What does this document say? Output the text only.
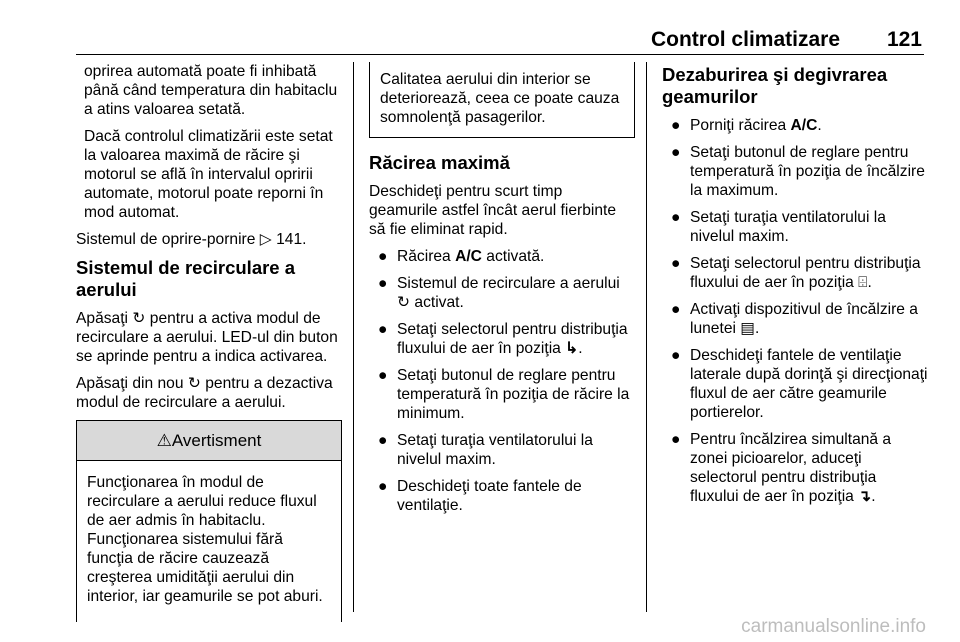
Control climatizare 121

oprirea automată poate fi inhibată până când temperatura din habitaclu a atins valoarea setată.

Dacă controlul climatizării este setat la valoarea maximă de răcire şi motorul se află în intervalul opririi automate, motorul poate reporni în mod automat.

Sistemul de oprire-pornire ▷ 141.

Sistemul de recirculare a aerului

Apăsaţi ↻ pentru a activa modul de recirculare a aerului. LED-ul din buton se aprinde pentru a indica activarea.

Apăsaţi din nou ↻ pentru a dezactiva modul de recirculare a aerului.

⚠Avertisment
Funcţionarea în modul de recirculare a aerului reduce fluxul de aer admis în habitaclu. Funcţionarea sistemului fără funcţia de răcire cauzează creşterea umidităţii aerului din interior, iar geamurile se pot aburi.
Calitatea aerului din interior se deteriorează, ceea ce poate cauza somnolenţă pasagerilor.
Răcirea maximă

Deschideţi pentru scurt timp geamurile astfel încât aerul fierbinte să fie eliminat rapid.

● Răcirea A/C activată.
● Sistemul de recirculare a aerului ↻ activat.
● Setaţi selectorul pentru distribuţia fluxului de aer în poziţia ↳.
● Setaţi butonul de reglare pentru temperatură în poziţia de răcire la minimum.
● Setaţi turaţia ventilatorului la nivelul maxim.
● Deschideţi toate fantele de ventilaţie.
Dezaburirea şi degivrarea geamurilor
● Porniţi răcirea A/C.
● Setaţi butonul de reglare pentru temperatură în poziţia de încălzire la maximum.
● Setaţi turaţia ventilatorului la nivelul maxim.
● Setaţi selectorul pentru distribuţia fluxului de aer în poziţia ⌹.
● Activaţi dispozitivul de încălzire a lunetei ▤.
● Deschideţi fantele de ventilaţie laterale după dorinţă şi direcţionaţi fluxul de aer către geamurile portierelor.
● Pentru încălzirea simultană a zonei picioarelor, aduceţi selectorul pentru distribuţia fluxului de aer în poziţia ↴.
carmanualsonline.info
